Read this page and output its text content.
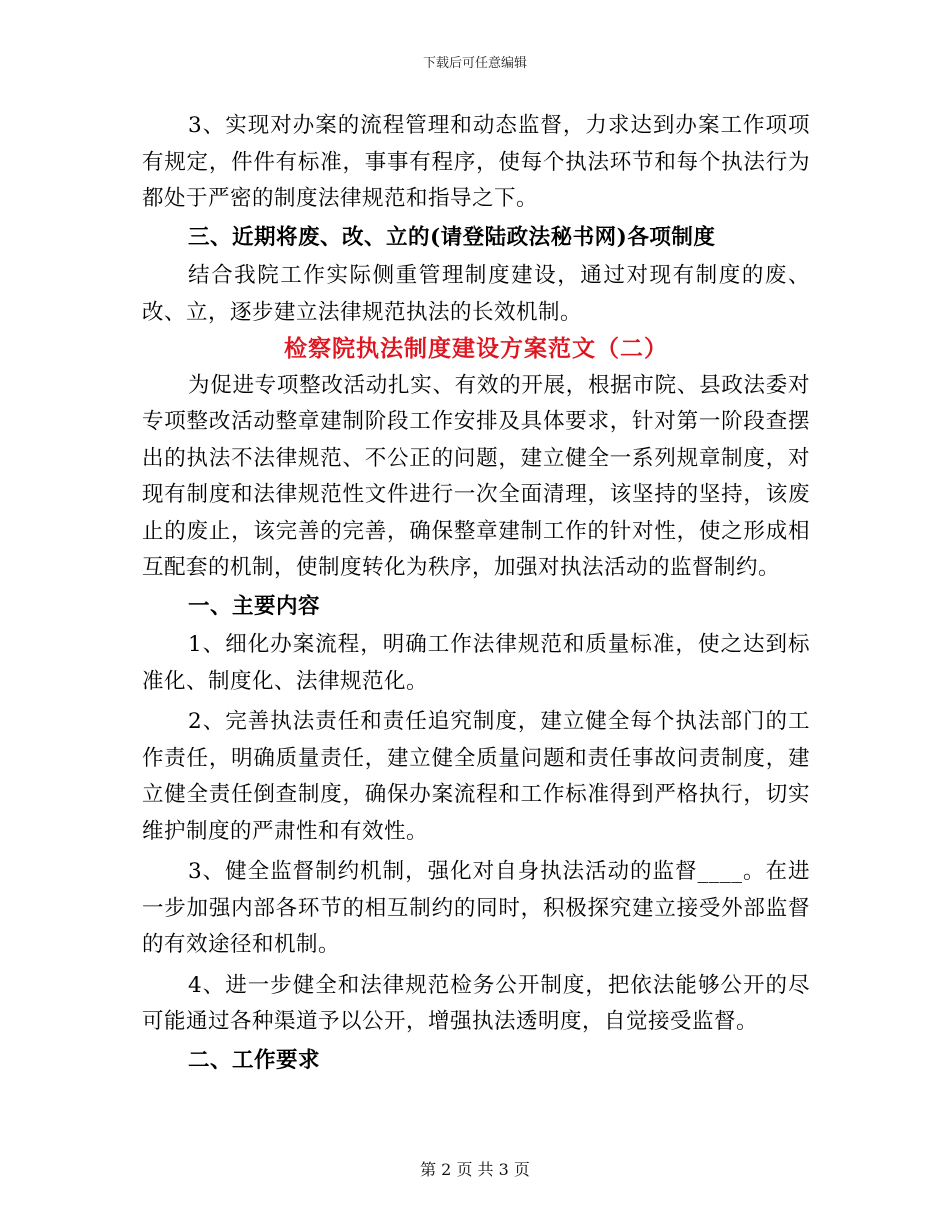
下载后可任意编辑

3、实现对办案的流程管理和动态监督，力求达到办案工作项项有规定，件件有标准，事事有程序，使每个执法环节和每个执法行为都处于严密的制度法律规范和指导之下。

三、近期将废、改、立的(请登陆政法秘书网)各项制度

结合我院工作实际侧重管理制度建设，通过对现有制度的废、改、立，逐步建立法律规范执法的长效机制。

检察院执法制度建设方案范文（二）

为促进专项整改活动扎实、有效的开展，根据市院、县政法委对专项整改活动整章建制阶段工作安排及具体要求，针对第一阶段查摆出的执法不法律规范、不公正的问题，建立健全一系列规章制度，对现有制度和法律规范性文件进行一次全面清理，该坚持的坚持，该废止的废止，该完善的完善，确保整章建制工作的针对性，使之形成相互配套的机制，使制度转化为秩序，加强对执法活动的监督制约。

一、主要内容

1、细化办案流程，明确工作法律规范和质量标准，使之达到标准化、制度化、法律规范化。

2、完善执法责任和责任追究制度，建立健全每个执法部门的工作责任，明确质量责任，建立健全质量问题和责任事故问责制度，建立健全责任倒查制度，确保办案流程和工作标准得到严格执行，切实维护制度的严肃性和有效性。

3、健全监督制约机制，强化对自身执法活动的监督____。在进一步加强内部各环节的相互制约的同时，积极探究建立接受外部监督的有效途径和机制。

4、进一步健全和法律规范检务公开制度，把依法能够公开的尽可能通过各种渠道予以公开，增强执法透明度，自觉接受监督。

二、工作要求
第 2 页 共 3 页
